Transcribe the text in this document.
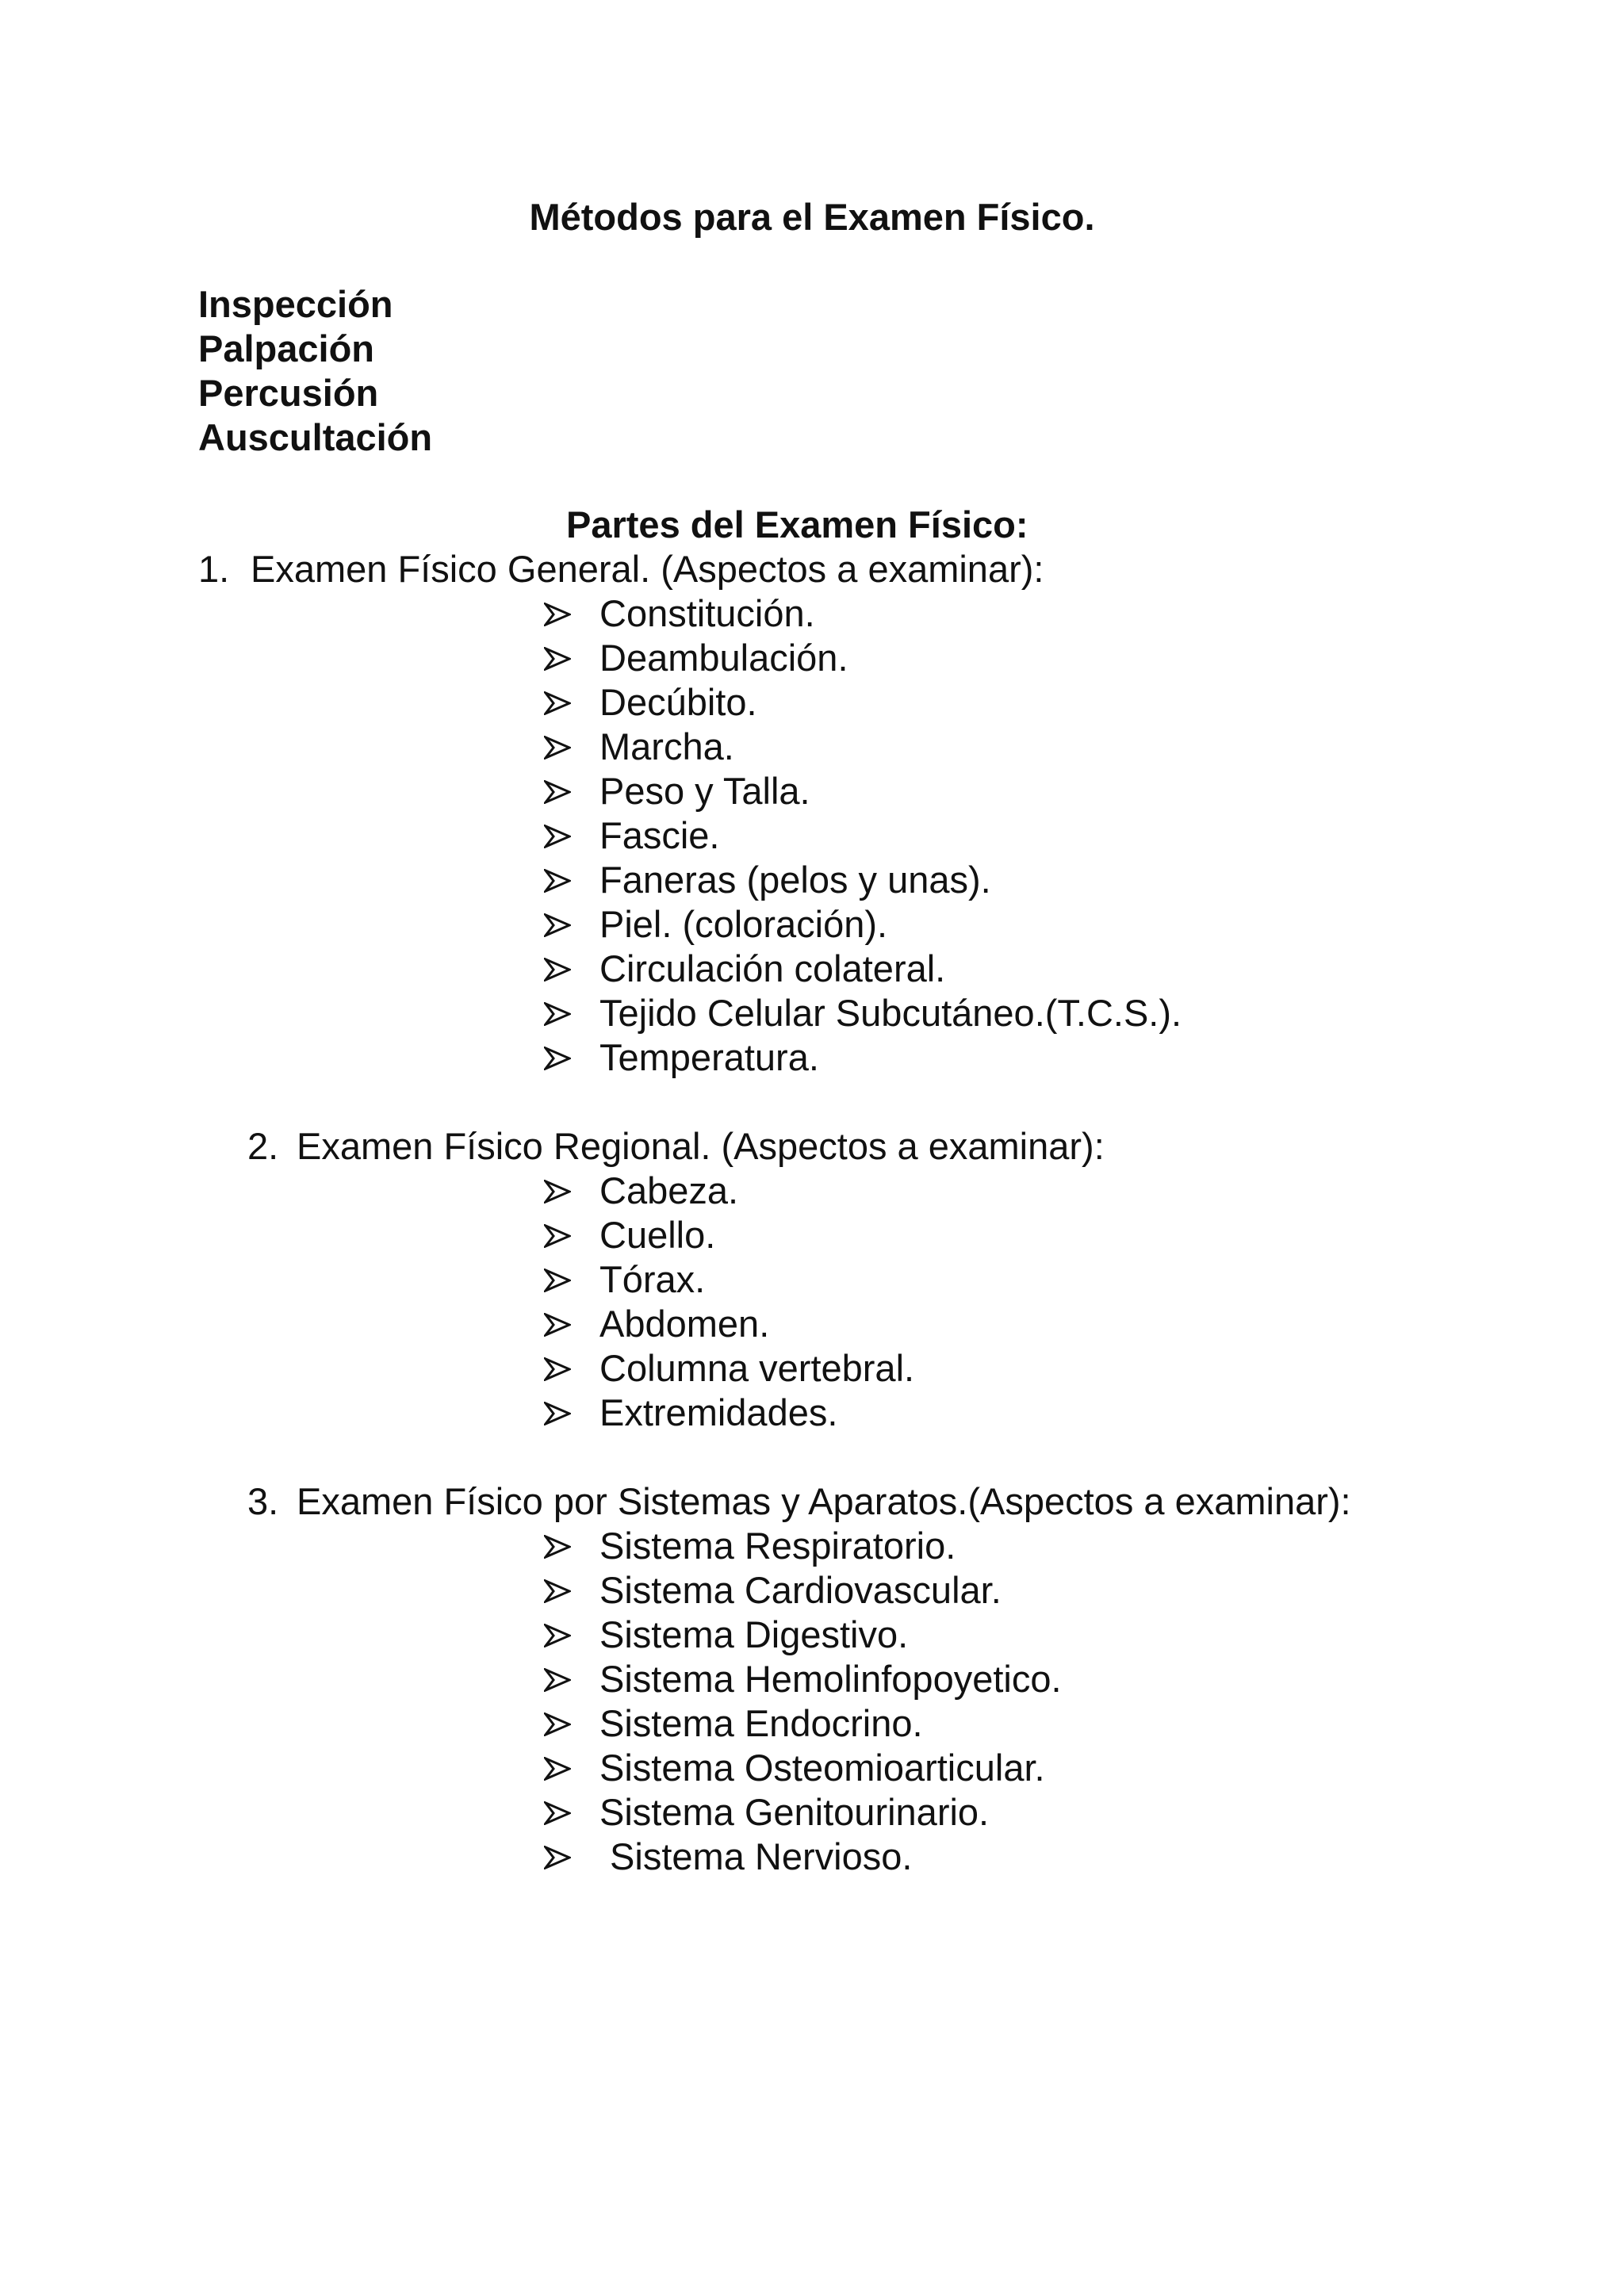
Métodos para el Examen Físico.
Inspección
Palpación
Percusión
Auscultación
Partes del Examen Físico:
1. Examen Físico General. (Aspectos a examinar):
Constitución.
Deambulación.
Decúbito.
Marcha.
Peso y Talla.
Fascie.
Faneras (pelos y unas).
Piel. (coloración).
Circulación colateral.
Tejido Celular Subcutáneo.(T.C.S.).
Temperatura.
2. Examen Físico Regional. (Aspectos a examinar):
Cabeza.
Cuello.
Tórax.
Abdomen.
Columna vertebral.
Extremidades.
3. Examen Físico por Sistemas y Aparatos.(Aspectos a examinar):
Sistema Respiratorio.
Sistema Cardiovascular.
Sistema Digestivo.
Sistema Hemolinfopoyetico.
Sistema Endocrino.
Sistema Osteomioarticular.
Sistema Genitourinario.
Sistema Nervioso.
